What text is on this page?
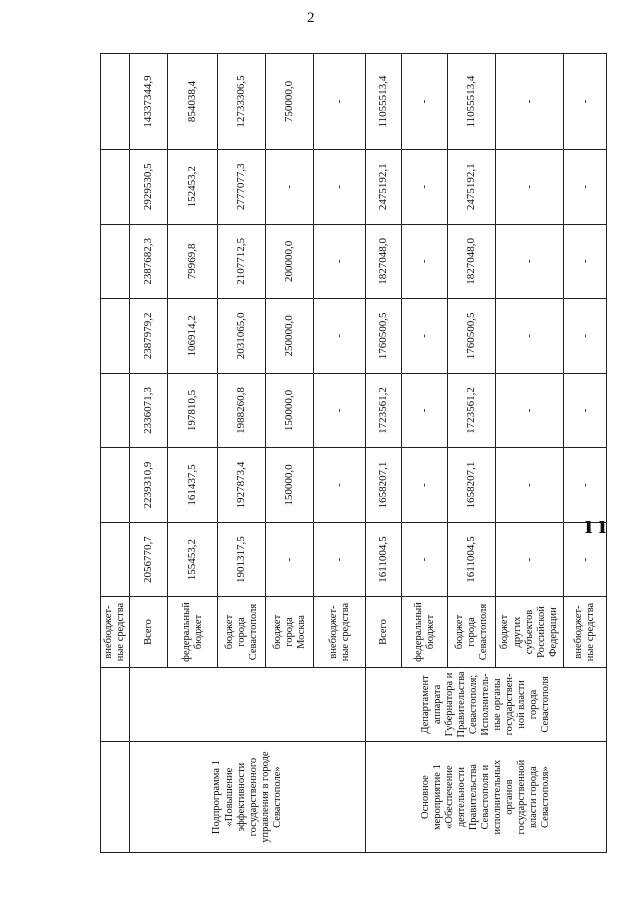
2
		внебюджет-ные средства							
Подпрограмма 1 «Повышение эффективности государственного управления в городе Севастополе»		Всего	2056770,7	2239310,9	2336071,3	2387979,2	2387682,3	2929530,5	14337344,9
		федеральный бюджет	155453,2	161437,5	197810,5	106914,2	79969,8	152453,2	854038,4
		бюджет города Севастополя	1901317,5	1927873,4	1988260,8	2031065,0	2107712,5	2777077,3	12733306,5
		бюджет города Москва	-	150000,0	150000,0	250000,0	200000,0	-	750000,0
		внебюджет-ные средства	-	-	-	-	-	-	-
Основное мероприятие 1 «Обеспечение деятельности Правительства Севастополя и исполнительных органов государственной власти города Севастополя»	Департамент аппарата Губернатора и Правительства Севастополя; Исполнитель-ные органы государствен-ной власти города Севастополя	Всего	1611004,5	1658207,1	1723561,2	1760500,5	1827048,0	2475192,1	11055513,4
		федеральный бюджет	-	-	-	-	-	-	-
		бюджет города Севастополя	1611004,5	1658207,1	1723561,2	1760500,5	1827048,0	2475192,1	11055513,4
		бюджет других субъектов Российской Федерации	-	-	-	-	-	-	-
		внебюджет-ные средства	-	-	-	-	-	-	-
ı ı
